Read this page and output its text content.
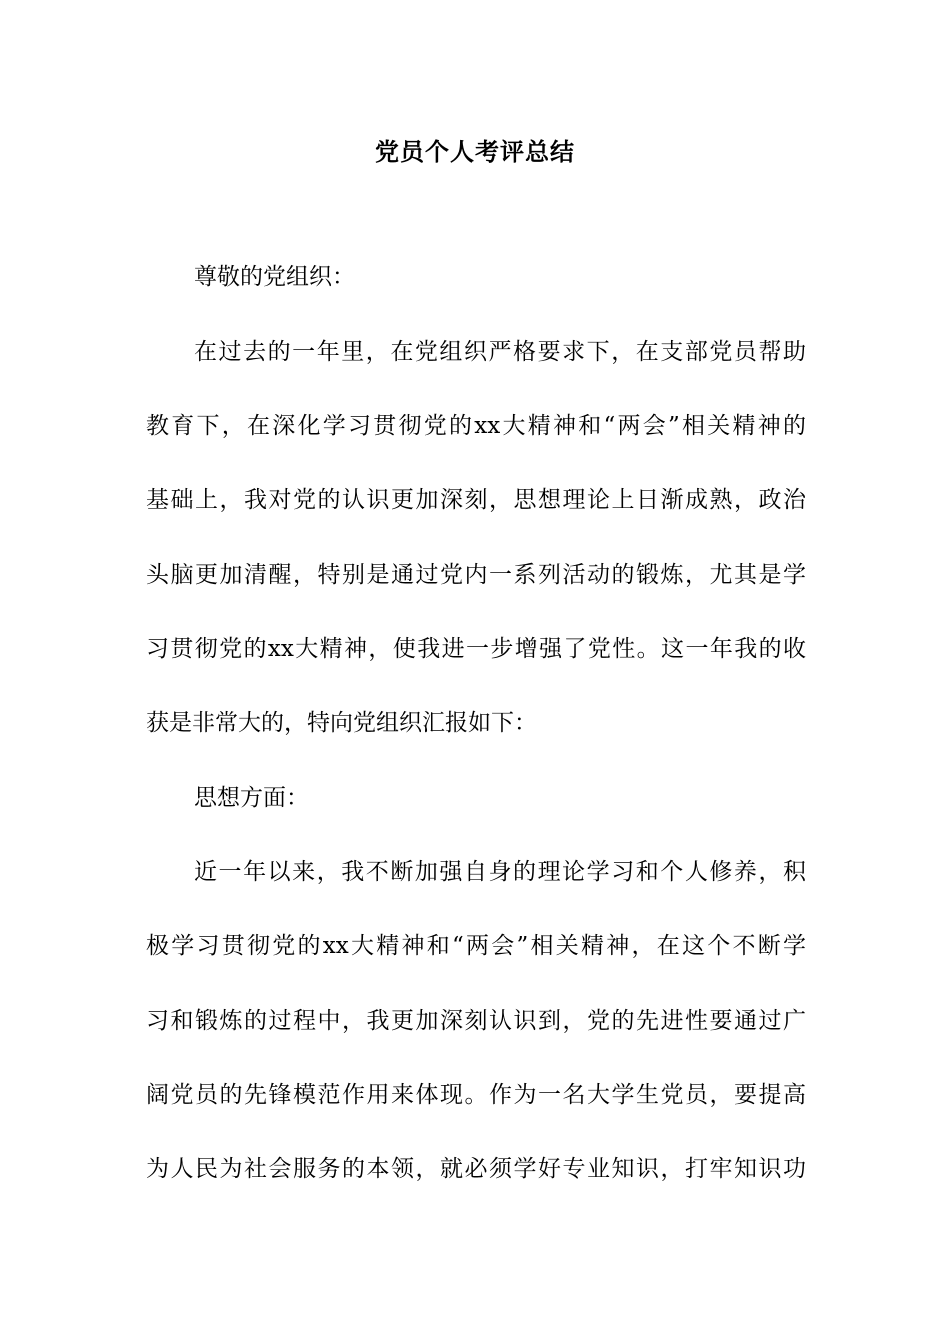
党员个人考评总结
尊敬的党组织：
在过去的一年里，在党组织严格要求下，在支部党员帮助
教育下，在深化学习贯彻党的xx大精神和“两会”相关精神的
基础上，我对党的认识更加深刻，思想理论上日渐成熟，政治
头脑更加清醒，特别是通过党内一系列活动的锻炼，尤其是学
习贯彻党的xx大精神，使我进一步增强了党性。这一年我的收
获是非常大的，特向党组织汇报如下：
思想方面：
近一年以来，我不断加强自身的理论学习和个人修养，积
极学习贯彻党的xx大精神和“两会”相关精神，在这个不断学
习和锻炼的过程中，我更加深刻认识到，党的先进性要通过广
阔党员的先锋模范作用来体现。作为一名大学生党员，要提高
为人民为社会服务的本领，就必须学好专业知识，打牢知识功
